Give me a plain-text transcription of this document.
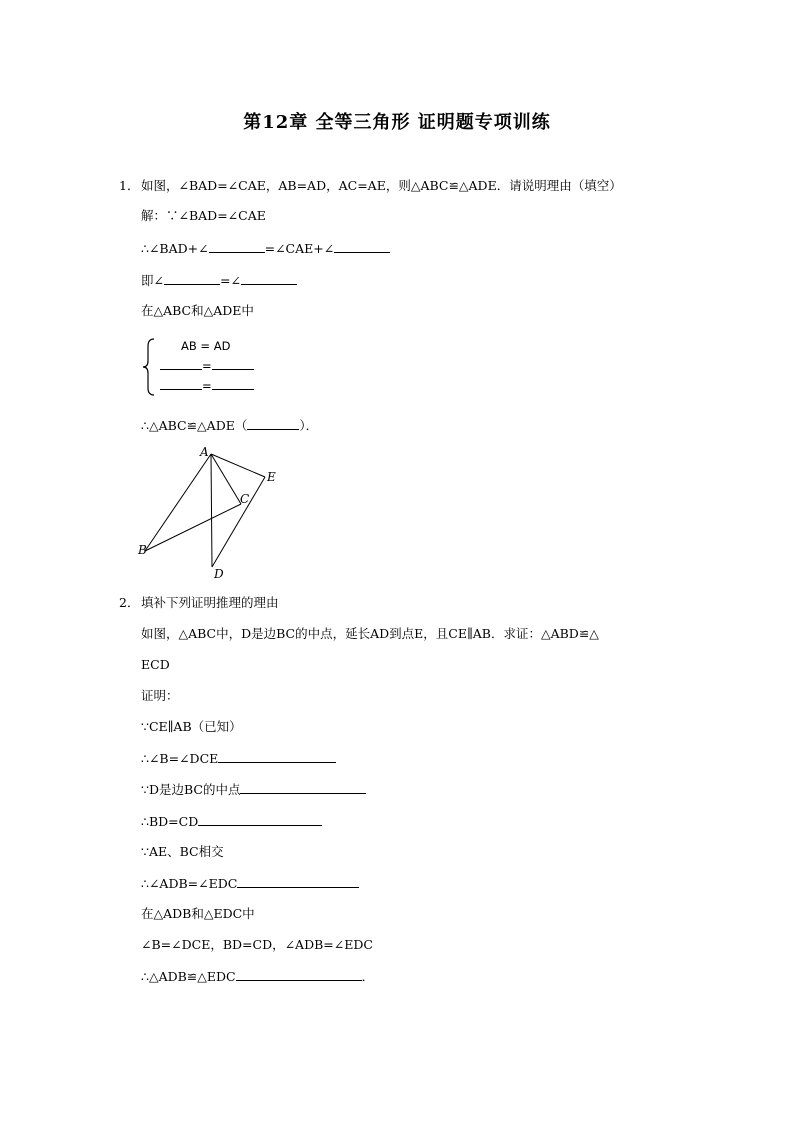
第12章 全等三角形 证明题专项训练
1． 如图，∠BAD=∠CAE，AB=AD，AC=AE，则△ABC≌△ADE．请说明理由（填空）
解：∵∠BAD=∠CAE
∴∠BAD+∠	=∠CAE+∠
即∠	=∠
在△ABC和△ADE中
AB = AD
=
=
∴△ABC≌△ADE（	）．
A
B
C
D
E
2． 填补下列证明推理的理由
如图，△ABC中，D是边BC的中点，延长AD到点E，且CE∥AB．求证：△ABD≌△
ECD
证明：
∵CE∥AB（已知）
∴∠B=∠DCE
∵D是边BC的中点
∴BD=CD
∵AE、BC相交
∴∠ADB=∠EDC
在△ADB和△EDC中
∠B=∠DCE，BD=CD，∠ADB=∠EDC
∴△ADB≌△EDC	．
